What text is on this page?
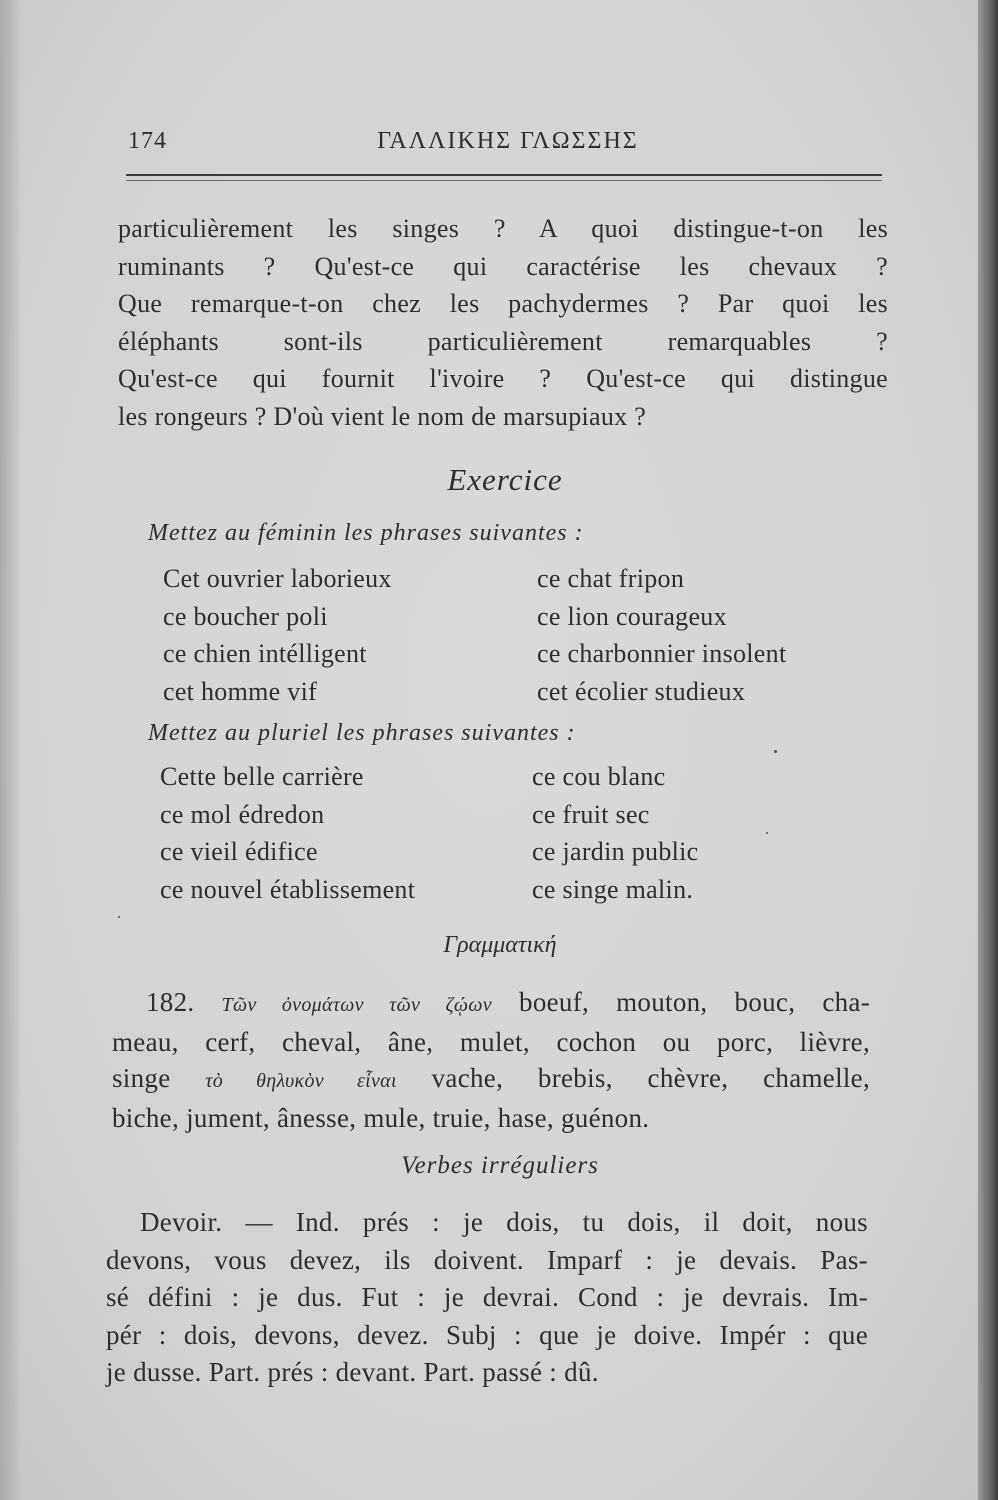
174	ΓΑΛΛΙΚΗΣ ΓΛΩΣΣΗΣ
particulièrement les singes ? A quoi distingue-t-on les
ruminants ? Qu'est-ce qui caractérise les chevaux ?
Que remarque-t-on chez les pachydermes ? Par quoi les
éléphants sont-ils particulièrement remarquables ?
Qu'est-ce qui fournit l'ivoire ? Qu'est-ce qui distingue
les rongeurs ? D'où vient le nom de marsupiaux ?
Exercice
Mettez au féminin les phrases suivantes :
Cet ouvrier laborieux
ce boucher poli
ce chien intélligent
cet homme vif
ce chat fripon
ce lion courageux
ce charbonnier insolent
cet écolier studieux
Mettez au pluriel les phrases suivantes :
Cette belle carrière
ce mol édredon
ce vieil édifice
ce nouvel établissement
ce cou blanc
ce fruit sec
ce jardin public
ce singe malin.
Γραμματική
182. Τῶν ὀνομάτων τῶν ζῴων boeuf, mouton, bouc, cha-
meau, cerf, cheval, âne, mulet, cochon ou porc, lièvre,
singe τὸ θηλυκὸν εἶναι vache, brebis, chèvre, chamelle,
biche, jument, ânesse, mule, truie, hase, guénon.
Verbes irréguliers
Devoir. — Ind. prés : je dois, tu dois, il doit, nous
devons, vous devez, ils doivent. Imparf : je devais. Pas-
sé défini : je dus. Fut : je devrai. Cond : je devrais. Im-
pér : dois, devons, devez. Subj : que je doive. Impér : que
je dusse. Part. prés : devant. Part. passé : dû.
